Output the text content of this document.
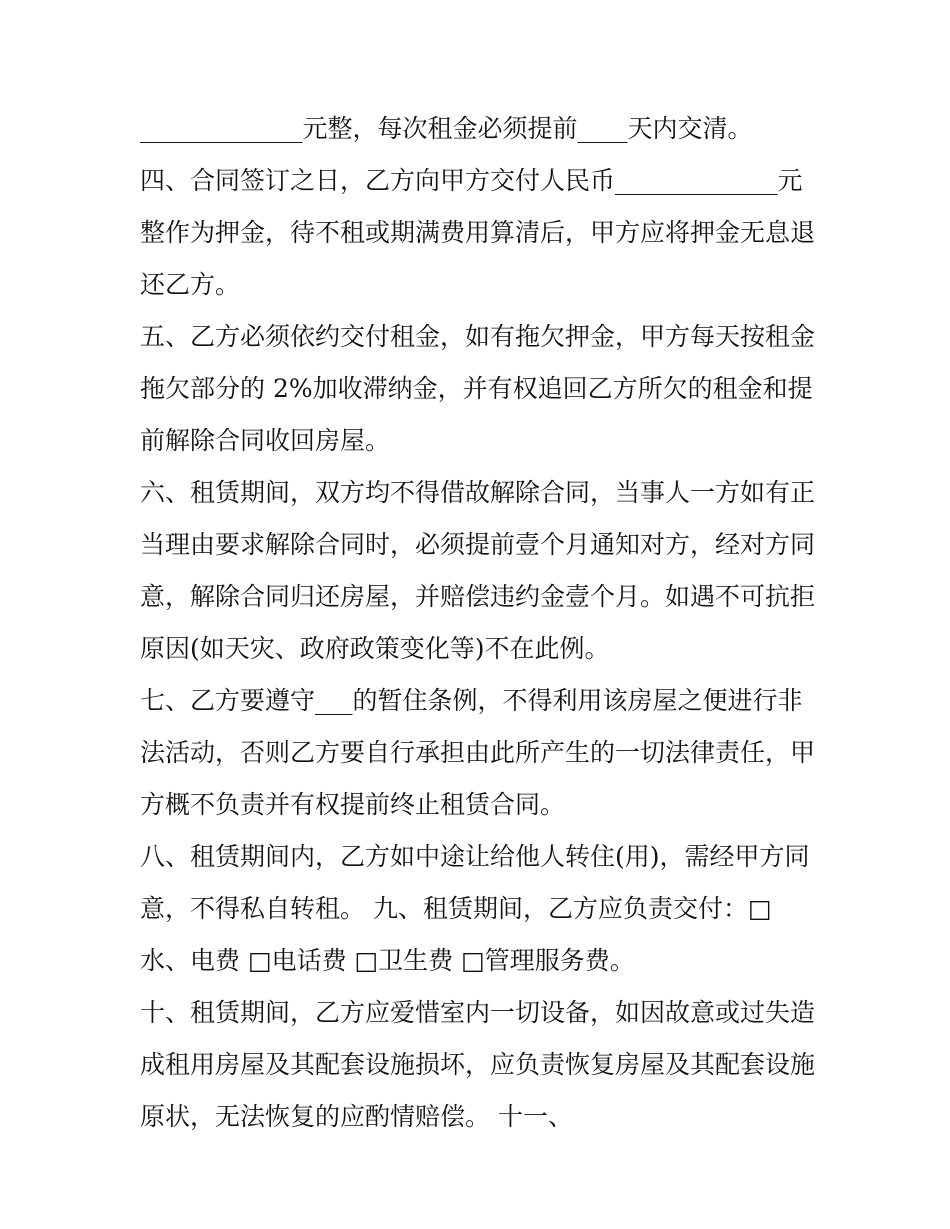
_____________元整，每次租金必须提前____天内交清。
四、合同签订之日，乙方向甲方交付人民币_____________元
整作为押金，待不租或期满费用算清后，甲方应将押金无息退
还乙方。
五、乙方必须依约交付租金，如有拖欠押金，甲方每天按租金
拖欠部分的 2%加收滞纳金，并有权追回乙方所欠的租金和提
前解除合同收回房屋。
六、租赁期间，双方均不得借故解除合同，当事人一方如有正
当理由要求解除合同时，必须提前壹个月通知对方，经对方同
意，解除合同归还房屋，并赔偿违约金壹个月。如遇不可抗拒
原因(如天灾、政府政策变化等)不在此例。
七、乙方要遵守___的暂住条例，不得利用该房屋之便进行非
法活动，否则乙方要自行承担由此所产生的一切法律责任，甲
方概不负责并有权提前终止租赁合同。
八、租赁期间内，乙方如中途让给他人转住(用)，需经甲方同
意，不得私自转租。 九、租赁期间，乙方应负责交付：□
水、电费 □电话费 □卫生费 □管理服务费。
十、租赁期间，乙方应爱惜室内一切设备，如因故意或过失造
成租用房屋及其配套设施损坏，应负责恢复房屋及其配套设施
原状，无法恢复的应酌情赔偿。 十一、
